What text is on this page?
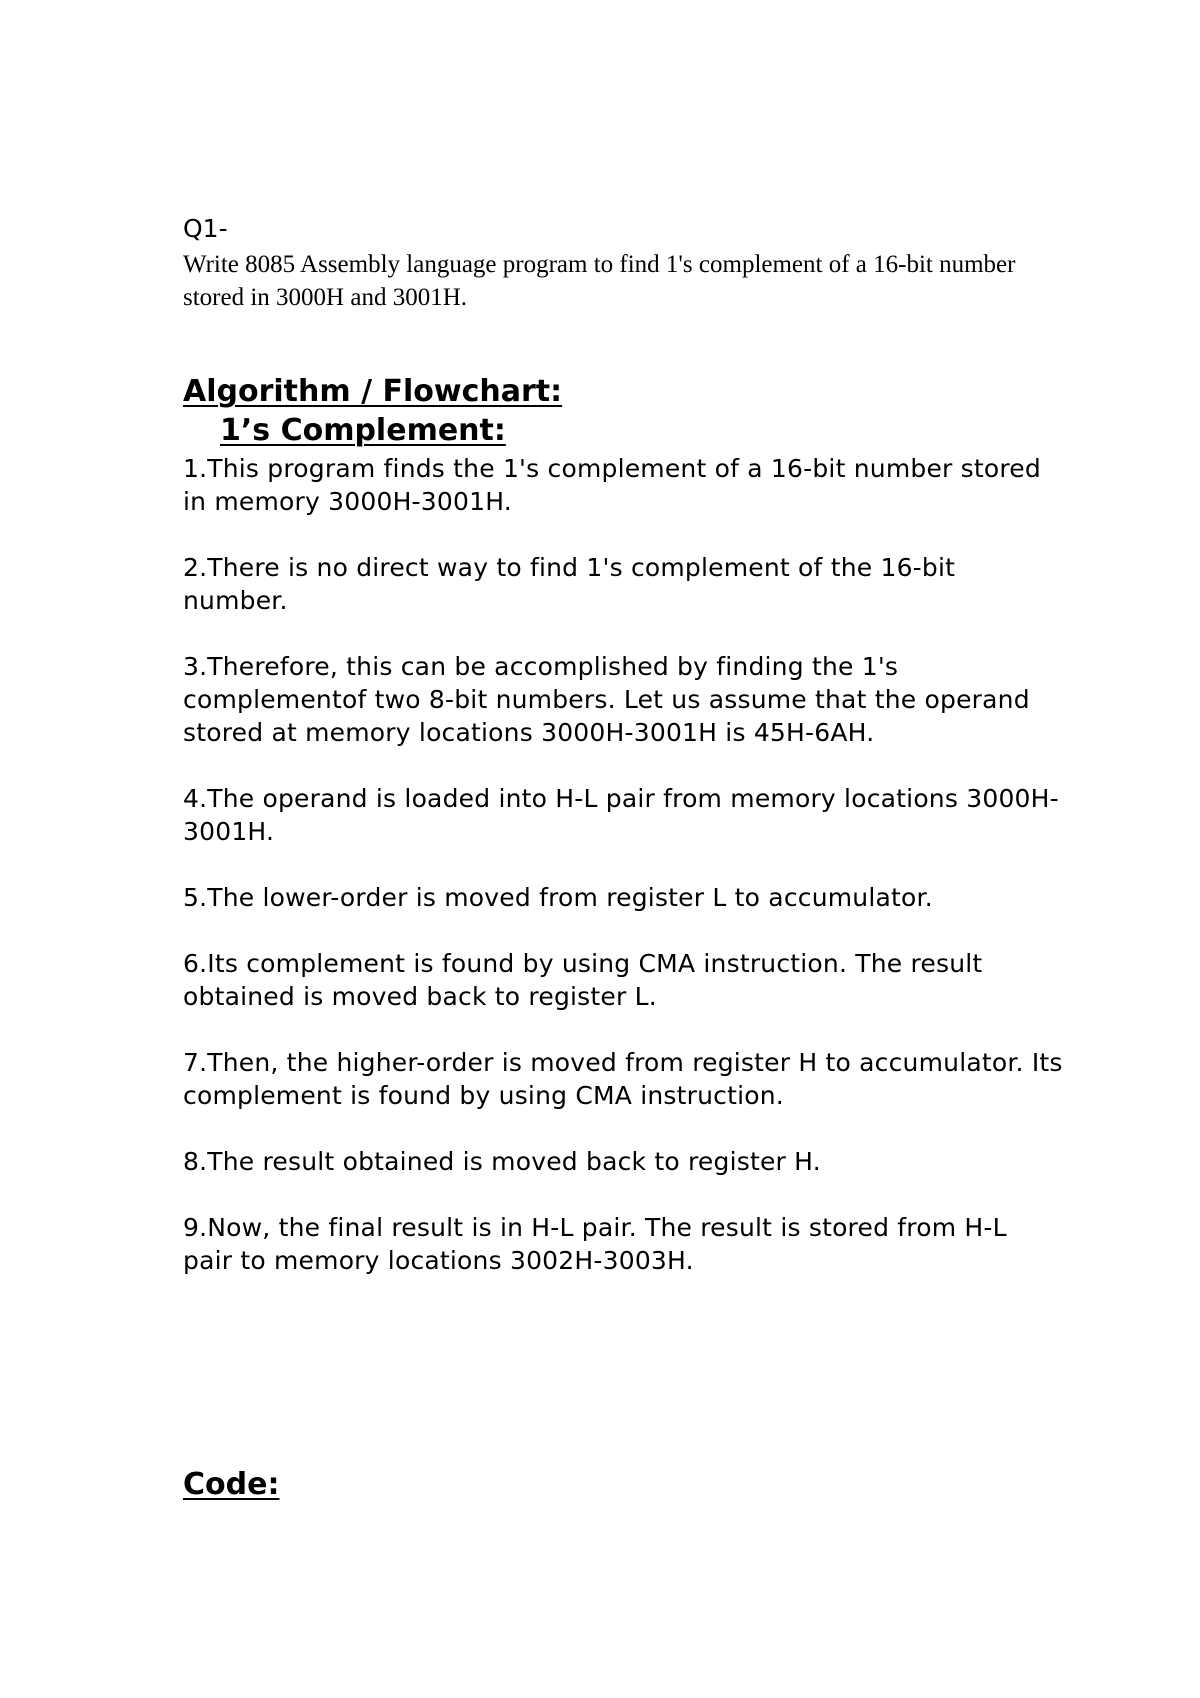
Q1-

Write 8085 Assembly language program to find 1's complement of a 16-bit number stored in 3000H and 3001H.

Algorithm / Flowchart:
1’s Complement:

1.This program finds the 1's complement of a 16-bit number stored in memory 3000H-3001H.

2.There is no direct way to find 1's complement of the 16-bit number.

3.Therefore, this can be accomplished by finding the 1's complementof two 8-bit numbers. Let us assume that the operand stored at memory locations 3000H-3001H is 45H-6AH.

4.The operand is loaded into H-L pair from memory locations 3000H-3001H.

5.The lower-order is moved from register L to accumulator.

6.Its complement is found by using CMA instruction. The result obtained is moved back to register L.

7.Then, the higher-order is moved from register H to accumulator. Its complement is found by using CMA instruction.

8.The result obtained is moved back to register H.

9.Now, the final result is in H-L pair. The result is stored from H-L pair to memory locations 3002H-3003H.

Code:
